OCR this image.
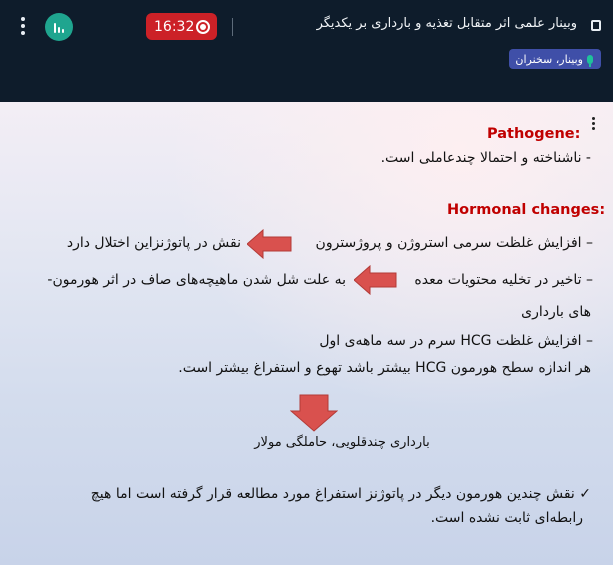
16:32	وبینار علمی اثر متقابل تغذیه و بارداری بر یکدیگر
وبینار، سخنران
Pathogene:
- ناشناخته و احتمالا چندعاملی است.
Hormonal changes:
– افزایش غلظت سرمی استروژن و پروژسترون
نقش در پاتوژنزاین اختلال دارد
– تاخیر در تخلیه محتویات معده
به علت شل شدن ماهیچه‌های صاف در اثر هورمون-
های بارداری
– افزایش غلظت HCG سرم در سه ماهه‌ی اول
هر اندازه سطح هورمون HCG بیشتر باشد تهوع و استفراغ بیشتر است.
بارداری چندقلویی، حاملگی مولار
✓ نقش چندین هورمون دیگر در پاتوژنز استفراغ مورد مطالعه قرار گرفته است اما هیچ
رابطه‌ای ثابت نشده است.
